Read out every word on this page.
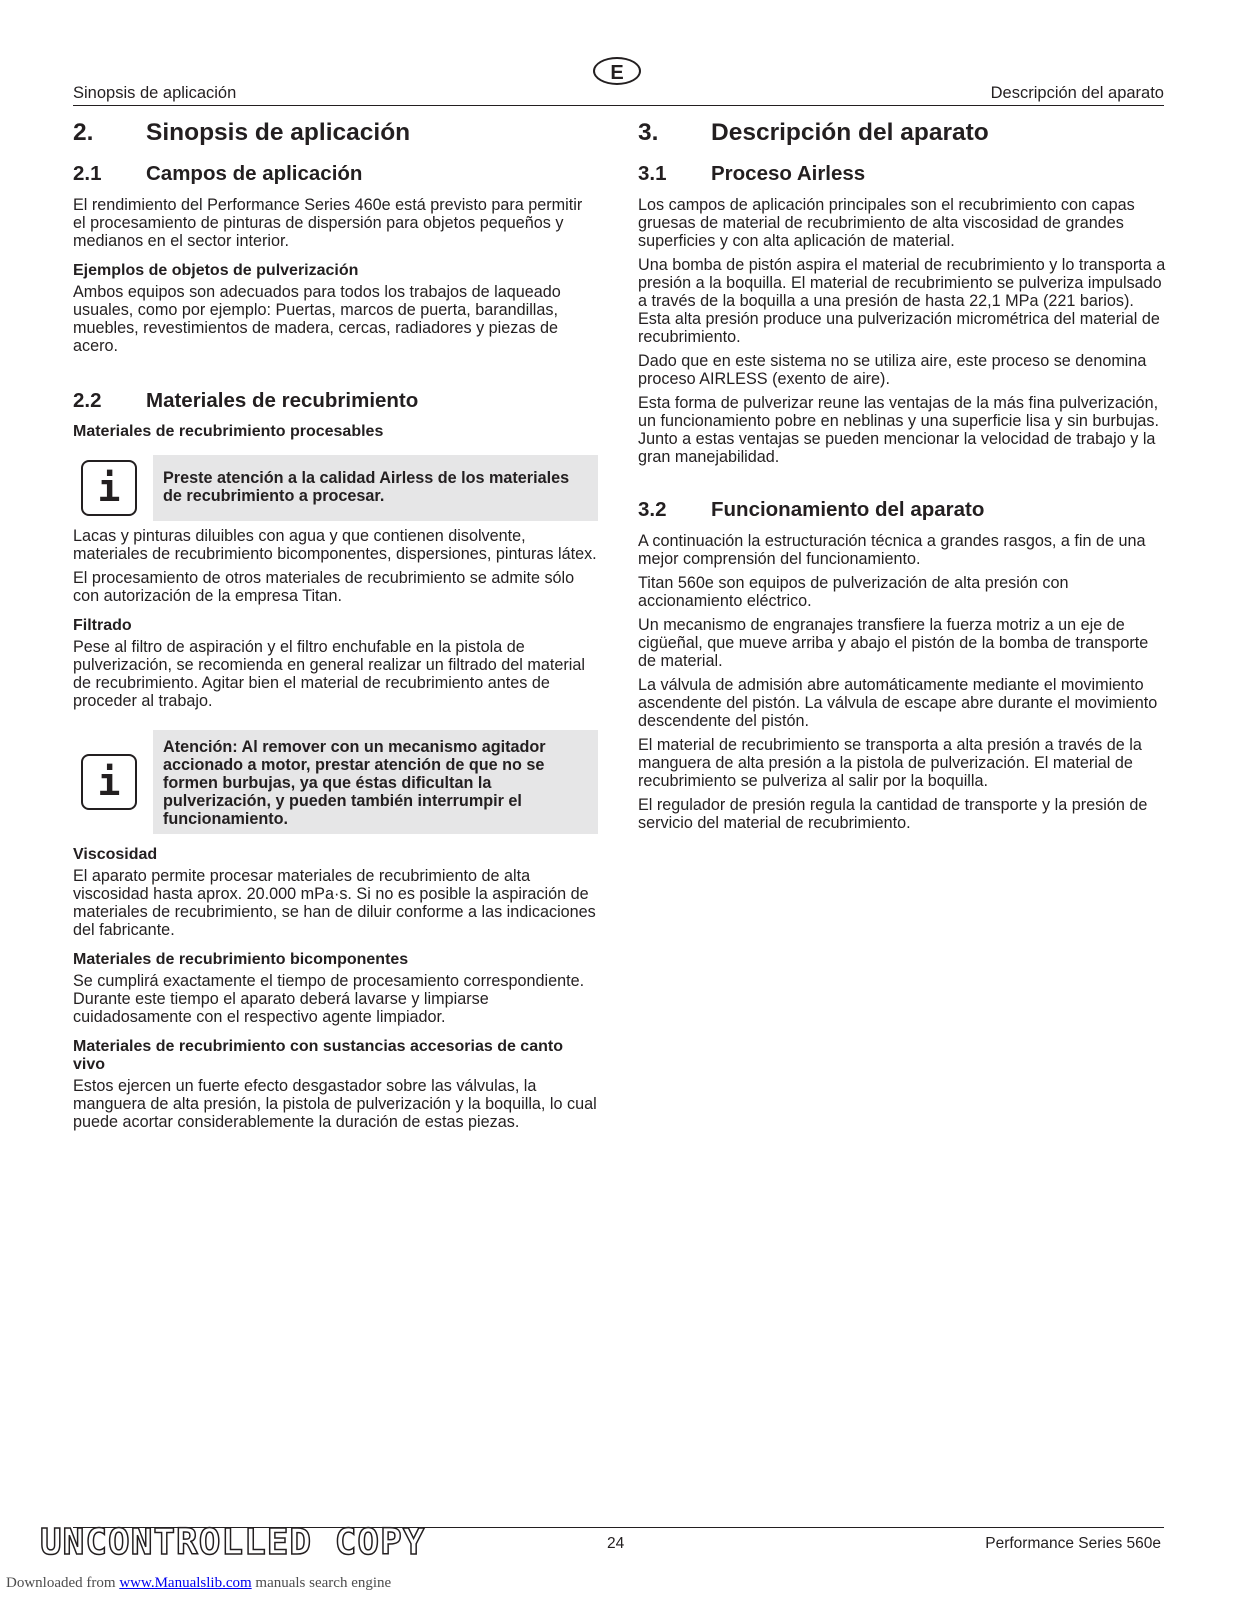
E
Sinopsis de aplicación	Descripción del aparato
2.	Sinopsis de aplicación
2.1	Campos de aplicación

El rendimiento del Performance Series 460e está previsto para permitir el procesamiento de pinturas de dispersión para objetos pequeños y medianos en el sector interior.

Ejemplos de objetos de pulverización

Ambos equipos son adecuados para todos los trabajos de laqueado usuales, como por ejemplo: Puertas, marcos de puerta, barandillas, muebles, revestimientos de madera, cercas, radiadores y piezas de acero.

2.2	Materiales de recubrimiento
Materiales de recubrimiento procesables
i	Preste atención a la calidad Airless de los materiales de recubrimiento a procesar.

Lacas y pinturas diluibles con agua y que contienen disolvente, materiales de recubrimiento bicomponentes, dispersiones, pinturas látex.

El procesamiento de otros materiales de recubrimiento se admite sólo con autorización de la empresa Titan.

Filtrado

Pese al filtro de aspiración y el filtro enchufable en la pistola de pulverización, se recomienda en general realizar un filtrado del material de recubrimiento. Agitar bien el material de recubrimiento antes de proceder al trabajo.

i
Atención: Al remover con un mecanismo agitador accionado a motor, prestar atención de que no se formen burbujas, ya que éstas dificultan la pulverización, y pueden también interrumpir el funcionamiento.
Viscosidad

El aparato permite procesar materiales de recubrimiento de alta viscosidad hasta aprox. 20.000 mPa·s. Si no es posible la aspiración de materiales de recubrimiento, se han de diluir conforme a las indicaciones del fabricante.

Materiales de recubrimiento bicomponentes

Se cumplirá exactamente el tiempo de procesamiento correspondiente. Durante este tiempo el aparato deberá lavarse y limpiarse cuidadosamente con el respectivo agente limpiador.

Materiales de recubrimiento con sustancias accesorias de canto vivo

Estos ejercen un fuerte efecto desgastador sobre las válvulas, la manguera de alta presión, la pistola de pulverización y la boquilla, lo cual puede acortar considerablemente la duración de estas piezas.

3.	Descripción del aparato
3.1	Proceso Airless

Los campos de aplicación principales son el recubrimiento con capas gruesas de material de recubrimiento de alta viscosidad de grandes superficies y con alta aplicación de material.

Una bomba de pistón aspira el material de recubrimiento y lo transporta a presión a la boquilla. El material de recubrimiento se pulveriza impulsado a través de la boquilla a una presión de hasta 22,1 MPa (221 barios). Esta alta presión produce una pulverización micrométrica del material de recubrimiento.

Dado que en este sistema no se utiliza aire, este proceso se denomina proceso AIRLESS (exento de aire).

Esta forma de pulverizar reune las ventajas de la más fina pulverización, un funcionamiento pobre en neblinas y una superficie lisa y sin burbujas. Junto a estas ventajas se pueden mencionar la velocidad de trabajo y la gran manejabilidad.

3.2	Funcionamiento del aparato

A continuación la estructuración técnica a grandes rasgos, a fin de una mejor comprensión del funcionamiento.

Titan 560e son equipos de pulverización de alta presión con accionamiento eléctrico.

Un mecanismo de engranajes transfiere la fuerza motriz a un eje de cigüeñal, que mueve arriba y abajo el pistón de la bomba de transporte de material.

La válvula de admisión abre automáticamente mediante el movimiento ascendente del pistón. La válvula de escape abre durante el movimiento descendente del pistón.

El material de recubrimiento se transporta a alta presión a través de la manguera de alta presión a la pistola de pulverización. El material de recubrimiento se pulveriza al salir por la boquilla.

El regulador de presión regula la cantidad de transporte y la presión de servicio del material de recubrimiento.

UNCONTROLLED COPY	24	Performance Series 560e
Downloaded from www.Manualslib.com manuals search engine
